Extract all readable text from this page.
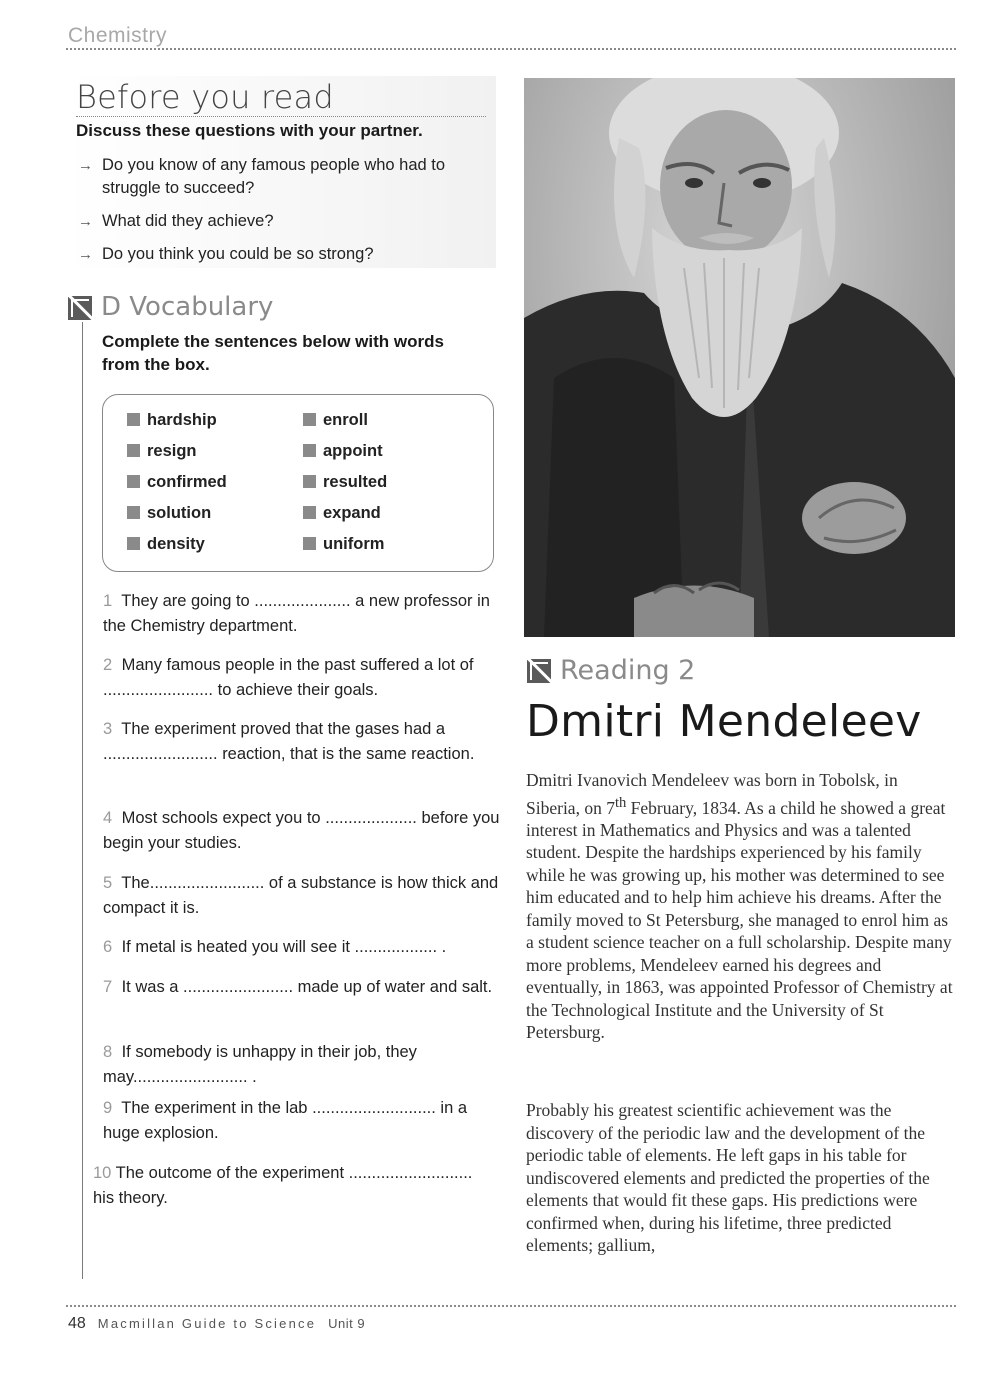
Chemistry
Before you read
Discuss these questions with your partner.
→ Do you know of any famous people who had to struggle to succeed?
→ What did they achieve?
→ Do you think you could be so strong?
D Vocabulary
Complete the sentences below with words from the box.
hardship
resign
confirmed
solution
density
enroll
appoint
resulted
expand
uniform
1 They are going to ..................... a new professor in the Chemistry department.
2 Many famous people in the past suffered a lot of ........................ to achieve their goals.
3 The experiment proved that the gases had a ......................... reaction, that is the same reaction.
4 Most schools expect you to .................... before you begin your studies.
5 The......................... of a substance is how thick and compact it is.
6 If metal is heated you will see it .................. .
7 It was a ........................ made up of water and salt.
8 If somebody is unhappy in their job, they may......................... .
9 The experiment in the lab ........................... in a huge explosion.
10 The outcome of the experiment ........................... his theory.
Reading 2
Dmitri Mendeleev

Dmitri Ivanovich Mendeleev was born in Tobolsk, in Siberia, on 7th February, 1834. As a child he showed a great interest in Mathematics and Physics and was a talented student. Despite the hardships experienced by his family while he was growing up, his mother was determined to see him educated and to help him achieve his dreams. After the family moved to St Petersburg, she managed to enrol him as a student science teacher on a full scholarship. Despite many more problems, Mendeleev earned his degrees and eventually, in 1863, was appointed Professor of Chemistry at the Technological Institute and the University of St Petersburg.

Probably his greatest scientific achievement was the discovery of the periodic law and the development of the periodic table of elements. He left gaps in his table for undiscovered elements and predicted the properties of the elements that would fit these gaps. His predictions were confirmed when, during his lifetime, three predicted elements; gallium,

48 Macmillan Guide to Science Unit 9
